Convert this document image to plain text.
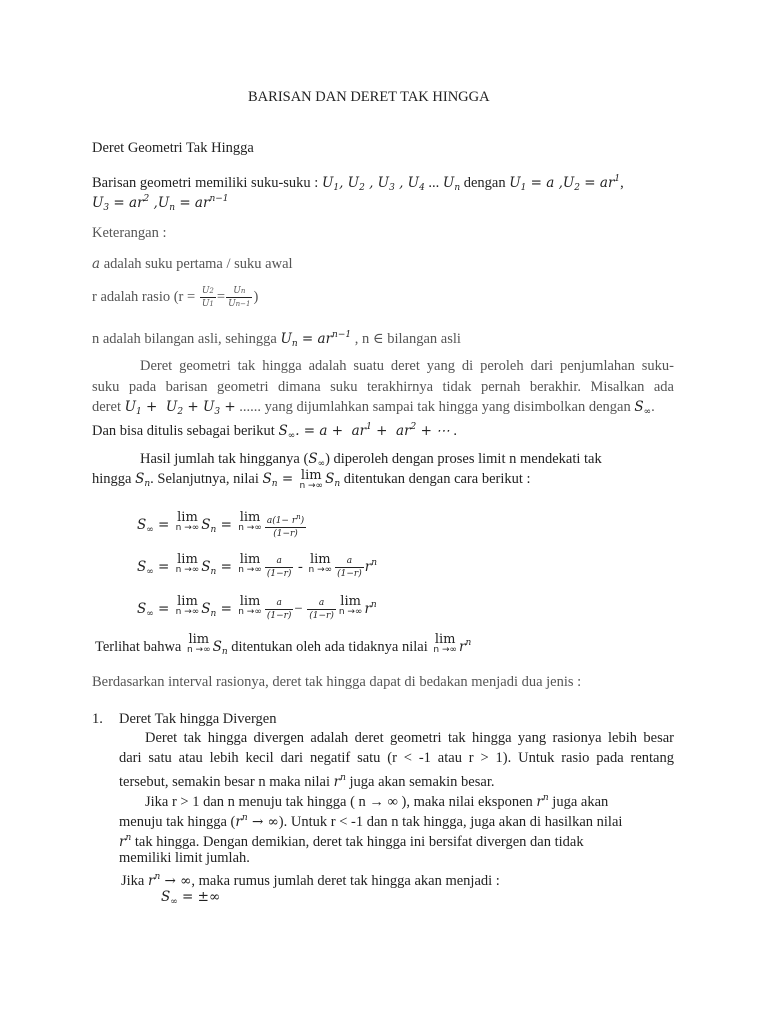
BARISAN DAN DERET TAK HINGGA
Deret Geometri Tak Hingga
Barisan geometri memiliki suku-suku : $U_1$, $U_2$ , $U_3$ , $U_4$ ... $U_n$ dengan $U_1 = a$ $,U_2 = ar^1$,
$U_3 = ar^2$ $,U_n = ar^{n-1}$
Keterangan :
a adalah suku pertama / suku awal
r adalah rasio ($r = \frac{U2}{U1} = \frac{Un}{Un-1}$ )
n adalah bilangan asli, sehingga $U_n = ar^{n-1}$ , n ∈ bilangan asli
Deret geometri tak hingga adalah suatu deret yang di peroleh dari penjumlahan suku-
suku pada barisan geometri dimana suku terakhirnya tidak pernah berakhir. Misalkan ada
deret $U_1 + U_2 + U_3$ + ...... yang dijumlahkan sampai tak hingga yang disimbolkan dengan $S_\infty$.
Dan bisa ditulis sebagai berikut $S_\infty$. = $a + ar^1 + ar^2$ + ⋯ .
Hasil jumlah tak hingganya $(S_\infty)$ diperoleh dengan proses limit n mendekati tak
hingga $S_n$. Selanjutnya, nilai $S_n = \lim$
n →∞ $S_n$ ditentukan dengan cara berikut :
$S_\infty = \lim$
n →∞ $S_n = \lim$
n →∞ $\frac{a(1- r^n)}{(1-r)}$
$S_\infty = \lim$
n →∞ $S_n = \lim$
n →∞ $\frac{a}{(1-r)}$ - lim
n →∞ $\frac{a}{(1-r)} r^n$
$S_\infty = \lim$
n →∞ $S_n = \lim$
n →∞ $\frac{a}{(1-r)} - \frac{a}{(1-r)}$ lim
n →∞ $r^n$
Terlihat bahwa lim
n →∞ $S_n$ ditentukan oleh ada tidaknya nilai lim
n →∞ $r^n$
Berdasarkan interval rasionya, deret tak hingga dapat di bedakan menjadi dua jenis :
1. Deret Tak hingga Divergen
Deret tak hingga divergen adalah deret geometri tak hingga yang rasionya lebih besar
dari satu atau lebih kecil dari negatif satu (r < -1 atau r > 1). Untuk rasio pada rentang
tersebut, semakin besar n maka nilai $r^n$ juga akan semakin besar.
Jika r > 1 dan n menuju tak hingga ( n → ∞ ), maka nilai eksponen $r^n$ juga akan
menuju tak hingga ($r^n$ → ∞). Untuk r < -1 dan n tak hingga, juga akan di hasilkan nilai
$r^n$ tak hingga. Dengan demikian, deret tak hingga ini bersifat divergen dan tidak
memiliki limit jumlah.
Jika $r^n$ → ∞, maka rumus jumlah deret tak hingga akan menjadi :
$S_\infty$ = ±∞
